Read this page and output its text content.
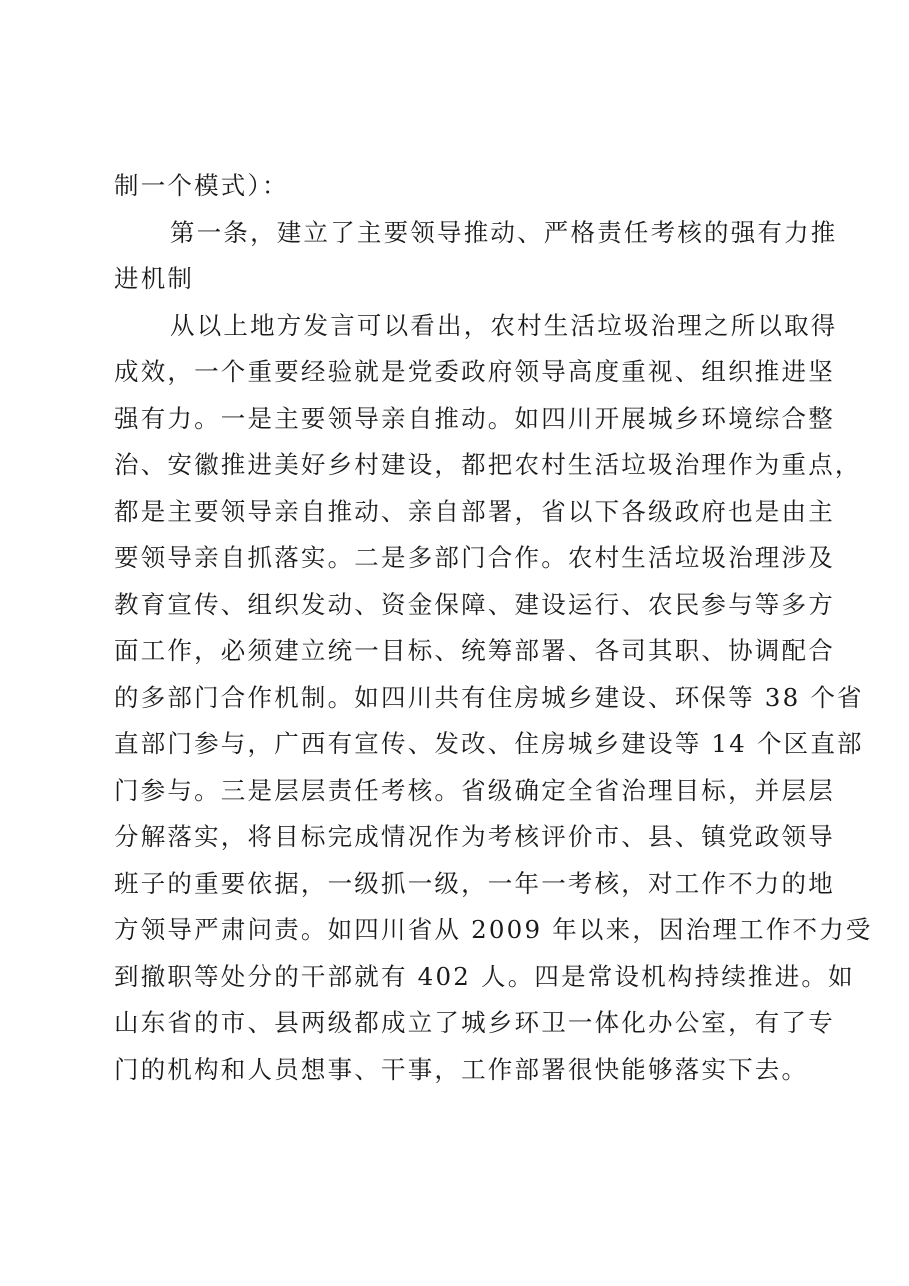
制一个模式）：
第一条，建立了主要领导推动、严格责任考核的强有力推
进机制
从以上地方发言可以看出，农村生活垃圾治理之所以取得
成效，一个重要经验就是党委政府领导高度重视、组织推进坚
强有力。一是主要领导亲自推动。如四川开展城乡环境综合整
治、安徽推进美好乡村建设，都把农村生活垃圾治理作为重点，
都是主要领导亲自推动、亲自部署，省以下各级政府也是由主
要领导亲自抓落实。二是多部门合作。农村生活垃圾治理涉及
教育宣传、组织发动、资金保障、建设运行、农民参与等多方
面工作，必须建立统一目标、统筹部署、各司其职、协调配合
的多部门合作机制。如四川共有住房城乡建设、环保等 38 个省
直部门参与，广西有宣传、发改、住房城乡建设等 14 个区直部
门参与。三是层层责任考核。省级确定全省治理目标，并层层
分解落实，将目标完成情况作为考核评价市、县、镇党政领导
班子的重要依据，一级抓一级，一年一考核，对工作不力的地
方领导严肃问责。如四川省从 2009 年以来，因治理工作不力受
到撤职等处分的干部就有 402 人。四是常设机构持续推进。如
山东省的市、县两级都成立了城乡环卫一体化办公室，有了专
门的机构和人员想事、干事，工作部署很快能够落实下去。
